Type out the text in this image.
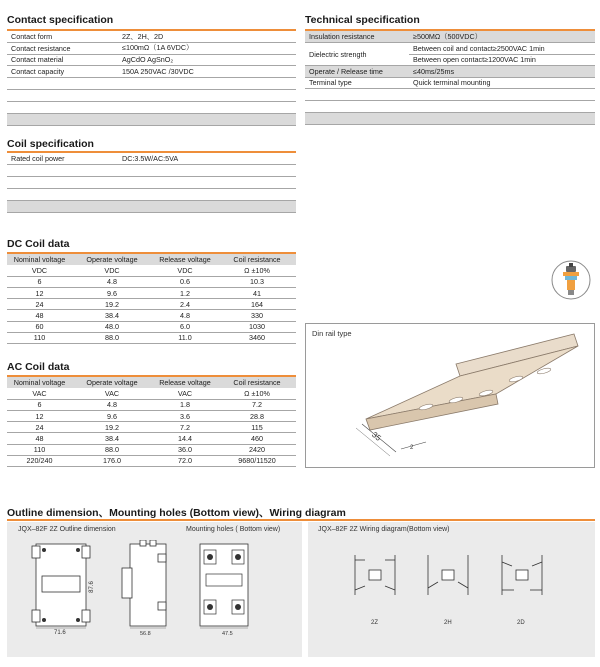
Contact specification
Contact form	2Z、2H、2D
Contact resistance	≤100mΩ（1A 6VDC）
Contact material	AgCdO AgSnO₂
Contact capacity	150A 250VAC /30VDC

Technical specification
Insulation resistance	≥500MΩ（500VDC）
Dielectric strength	Between coil and contact≥2500VAC 1min
	Between open contact≥1200VAC 1min
Operate / Release time	≤40ms/25ms
Terminal type	Quick terminal mounting

Coil specification
Rated coil power	DC:3.5W/AC:5VA

DC Coil data
Nominal voltage	Operate voltage	Release voltage	Coil resistance
VDC	VDC	VDC	Ω ±10%
6	4.8	0.6	10.3
12	9.6	1.2	41
24	19.2	2.4	164
48	38.4	4.8	330
60	48.0	6.0	1030
110	88.0	11.0	3460
AC Coil data
Nominal voltage	Operate voltage	Release voltage	Coil resistance
VAC	VAC	VAC	Ω ±10%
6	4.8	1.8	7.2
12	9.6	3.6	28.8
24	19.2	7.2	115
48	38.4	14.4	460
110	88.0	36.0	2420
220/240	176.0	72.0	9680/11520
Din rail type
35
2
Outline dimension、Mounting holes (Bottom view)、Wiring diagram
JQX–82F 2Z Outline dimension	Mounting holes ( Bottom view)	JQX–82F 2Z Wiring diagram(Bottom view)
87.6
71.6	56.8	47.5
2Z	2H	2D
